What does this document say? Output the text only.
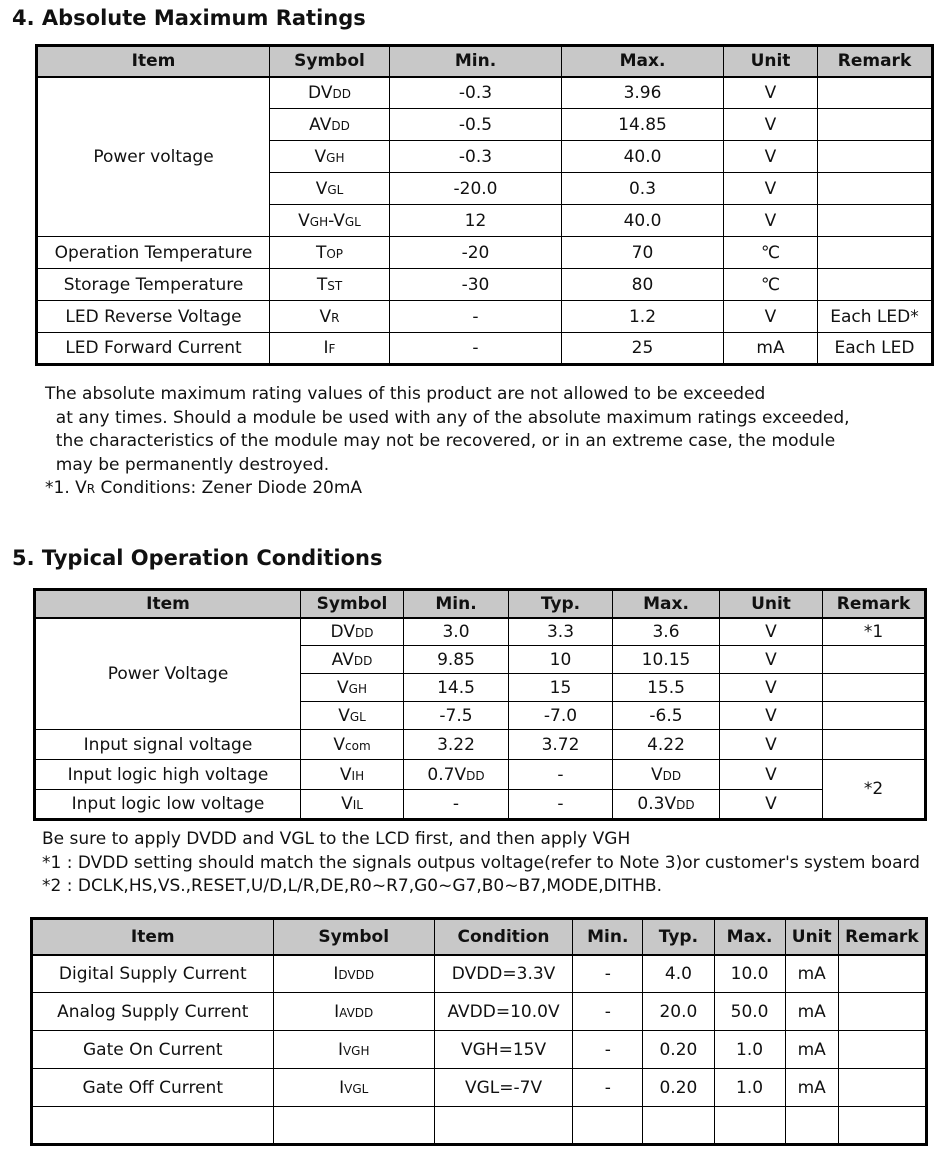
4. Absolute Maximum Ratings
Item	Symbol	Min.	Max.	Unit	Remark
Power voltage	DVDD	-0.3	3.96	V	
	AVDD	-0.5	14.85	V	
	VGH	-0.3	40.0	V	
	VGL	-20.0	0.3	V	
	VGH-VGL	12	40.0	V	
Operation Temperature	TOP	-20	70	℃	
Storage Temperature	TST	-30	80	℃	
LED Reverse Voltage	VR	-	1.2	V	Each LED*
LED Forward Current	IF	-	25	mA	Each LED
The absolute maximum rating values of this product are not allowed to be exceeded
at any times. Should a module be used with any of the absolute maximum ratings exceeded,
the characteristics of the module may not be recovered, or in an extreme case, the module
may be permanently destroyed.
*1. VR Conditions: Zener Diode 20mA
5. Typical Operation Conditions
Item	Symbol	Min.	Typ.	Max.	Unit	Remark
Power Voltage	DVDD	3.0	3.3	3.6	V	*1
	AVDD	9.85	10	10.15	V	
	VGH	14.5	15	15.5	V	
	VGL	-7.5	-7.0	-6.5	V	
Input signal voltage	Vcom	3.22	3.72	4.22	V	
Input logic high voltage	VIH	0.7VDD	-	VDD	V	*2
Input logic low voltage	VIL	-	-	0.3VDD	V	
Be sure to apply DVDD and VGL to the LCD first, and then apply VGH
*1 : DVDD setting should match the signals outpus voltage(refer to Note 3)or customer's system board
*2 : DCLK,HS,VS.,RESET,U/D,L/R,DE,R0~R7,G0~G7,B0~B7,MODE,DITHB.
Item	Symbol	Condition	Min.	Typ.	Max.	Unit	Remark
Digital Supply Current	IDVDD	DVDD=3.3V	-	4.0	10.0	mA	
Analog Supply Current	IAVDD	AVDD=10.0V	-	20.0	50.0	mA	
Gate On Current	IVGH	VGH=15V	-	0.20	1.0	mA	
Gate Off Current	IVGL	VGL=-7V	-	0.20	1.0	mA	
